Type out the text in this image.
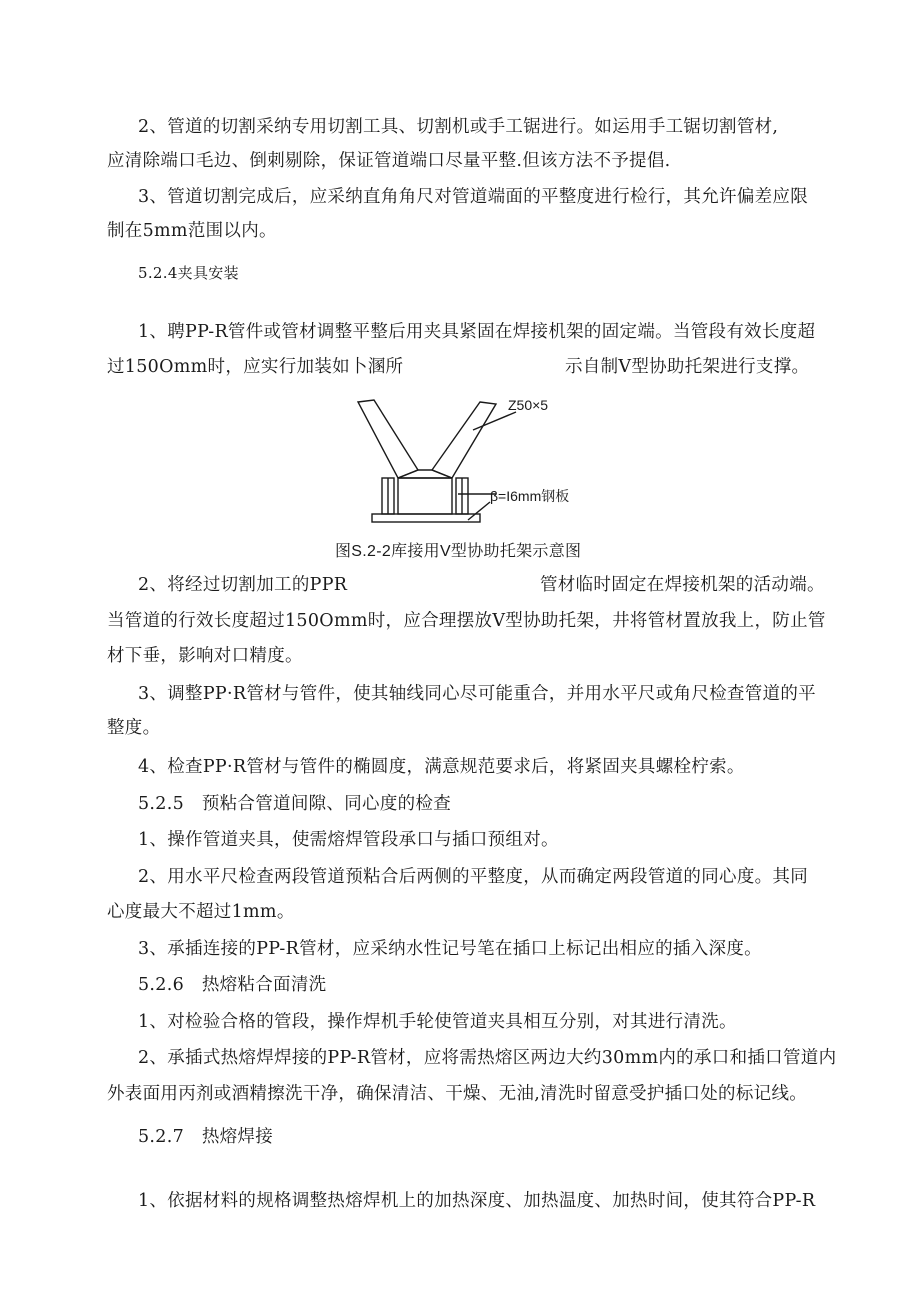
2、管道的切割采纳专用切割工具、切割机或手工锯进行。如运用手工锯切割管材,
应清除端口毛边、倒刺剔除，保证管道端口尽量平整.但该方法不予提倡.
3、管道切割完成后，应采纳直角角尺对管道端面的平整度进行检行，其允许偏差应限
制在5mm范围以内。
5.2.4夹具安装
1、聘PP-R管件或管材调整平整后用夹具紧固在焊接机架的固定端。当管段有效长度超
过150Omm时，应实行加装如卜溷所	示自制V型协助托架进行支撑。
Z50×5
β=I6mm钢板
图S.2-2库接用V型协助托架示意图
2、将经过切割加工的PPR	管材临时固定在焊接机架的活动端。
当管道的行效长度超过150Omm时，应合理摆放V型协助托架，井将管材置放我上，防止管
材下垂，影响对口精度。
3、调整PP·R管材与管件，使其轴线同心尽可能重合，并用水平尺或角尺检查管道的平
整度。
4、检查PP·R管材与管件的椭圆度，满意规范要求后，将紧固夹具螺栓柠索。
5.2.5　预粘合管道间隙、同心度的检查
1、操作管道夹具，使需熔焊管段承口与插口预组对。
2、用水平尺检查两段管道预粘合后两侧的平整度，从而确定两段管道的同心度。其同
心度最大不超过1mm。
3、承插连接的PP-R管材，应采纳水性记号笔在插口上标记出相应的插入深度。
5.2.6　热熔粘合面清洗
1、对检验合格的管段，操作焊机手轮使管道夹具相互分别，对其进行清洗。
2、承插式热熔焊焊接的PP-R管材，应将需热熔区两边大约30mm内的承口和插口管道内
外表面用丙剂或酒精擦洗干净，确保清洁、干燥、无油,清洗时留意受护插口处的标记线。
5.2.7　热熔焊接
1、依据材料的规格调整热熔焊机上的加热深度、加热温度、加热时间，使其符合PP-R
